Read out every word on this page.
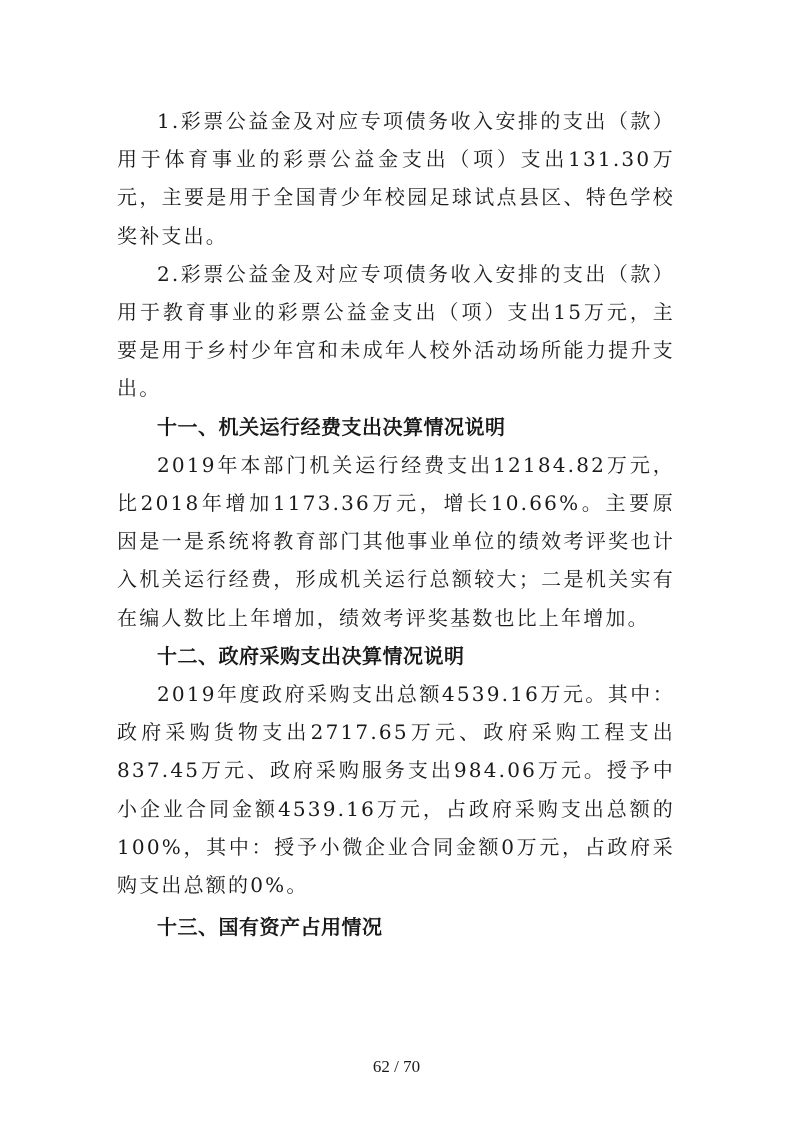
1.彩票公益金及对应专项债务收入安排的支出（款）用于体育事业的彩票公益金支出（项）支出131.30万元，主要是用于全国青少年校园足球试点县区、特色学校奖补支出。

2.彩票公益金及对应专项债务收入安排的支出（款）用于教育事业的彩票公益金支出（项）支出15万元，主要是用于乡村少年宫和未成年人校外活动场所能力提升支出。

十一、机关运行经费支出决算情况说明

2019年本部门机关运行经费支出12184.82万元，比2018年增加1173.36万元，增长10.66%。主要原因是一是系统将教育部门其他事业单位的绩效考评奖也计入机关运行经费，形成机关运行总额较大；二是机关实有在编人数比上年增加，绩效考评奖基数也比上年增加。

十二、政府采购支出决算情况说明

2019年度政府采购支出总额4539.16万元。其中：政府采购货物支出2717.65万元、政府采购工程支出837.45万元、政府采购服务支出984.06万元。授予中小企业合同金额4539.16万元，占政府采购支出总额的100%，其中：授予小微企业合同金额0万元，占政府采购支出总额的0%。

十三、国有资产占用情况

62 / 70
